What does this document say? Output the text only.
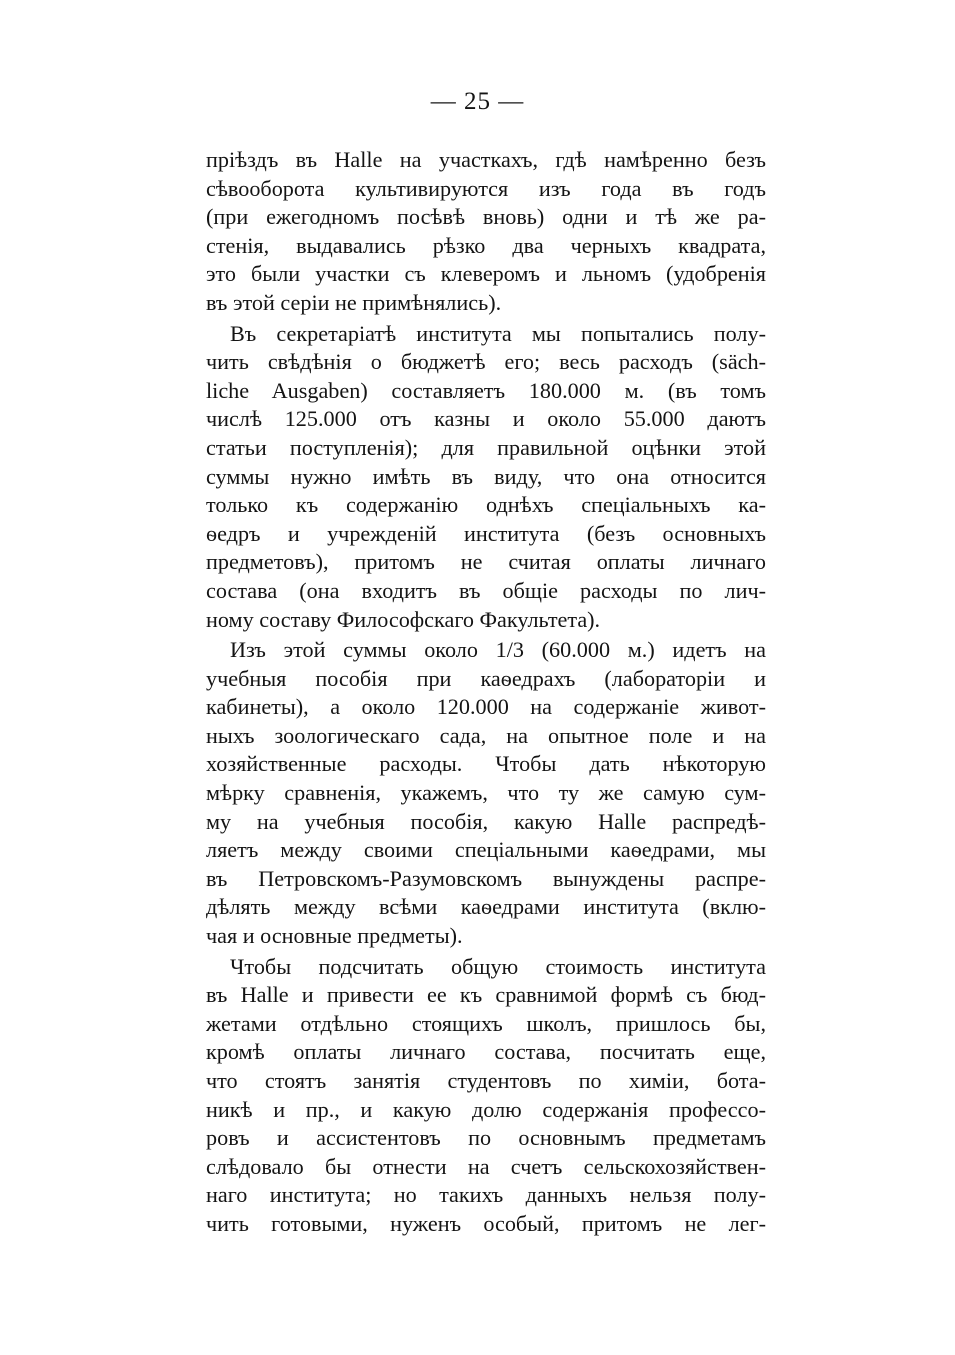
— 25 —
прiѣздъ въ Halle на участкахъ, гдѣ намѣренно безъ
сѣвооборота культивируются изъ года въ годъ
(при ежегодномъ посѣвѣ вновь) одни и тѣ же ра-
стенiя, выдавались рѣзко два черныхъ квадрата,
это были участки съ клеверомъ и льномъ (удобренiя
въ этой серiи не примѣнялись).
Въ секретарiатѣ института мы попытались полу-
чить свѣдѣнiя о бюджетѣ его; весь расходъ (säch-
liche Ausgaben) составляетъ 180.000 м. (въ томъ
числѣ 125.000 отъ казны и около 55.000 даютъ
статьи поступленiя); для правильной оцѣнки этой
суммы нужно имѣть въ виду, что она относится
только къ содержанiю однѣхъ спецiальныхъ ка-
ѳедръ и учрежденiй института (безъ основныхъ
предметовъ), притомъ не считая оплаты личнаго
состава (она входитъ въ общiе расходы по лич-
ному составу Философскаго Факультета).
Изъ этой суммы около 1/3 (60.000 м.) идетъ на
учебныя пособiя при каѳедрахъ (лабораторiи и
кабинеты), а около 120.000 на содержанiе живот-
ныхъ зоологическаго сада, на опытное поле и на
хозяйственные расходы. Чтобы дать нѣкоторую
мѣрку сравненiя, укажемъ, что ту же самую сум-
му на учебныя пособiя, какую Halle распредѣ-
ляетъ между своими спецiальными каѳедрами, мы
въ Петровскомъ-Разумовскомъ вынуждены распре-
дѣлять между всѣми каѳедрами института (вклю-
чая и основные предметы).
Чтобы подсчитать общую стоимость института
въ Halle и привести ее къ сравнимой формѣ съ бюд-
жетами отдѣльно стоящихъ школъ, пришлось бы,
кромѣ оплаты личнаго состава, посчитать еще,
что стоятъ занятiя студентовъ по химiи, бота-
никѣ и пр., и какую долю содержанiя профессо-
ровъ и ассистентовъ по основнымъ предметамъ
слѣдовало бы отнести на счетъ сельскохозяйствен-
наго института; но такихъ данныхъ нельзя полу-
чить готовыми, нуженъ особый, притомъ не лег-
